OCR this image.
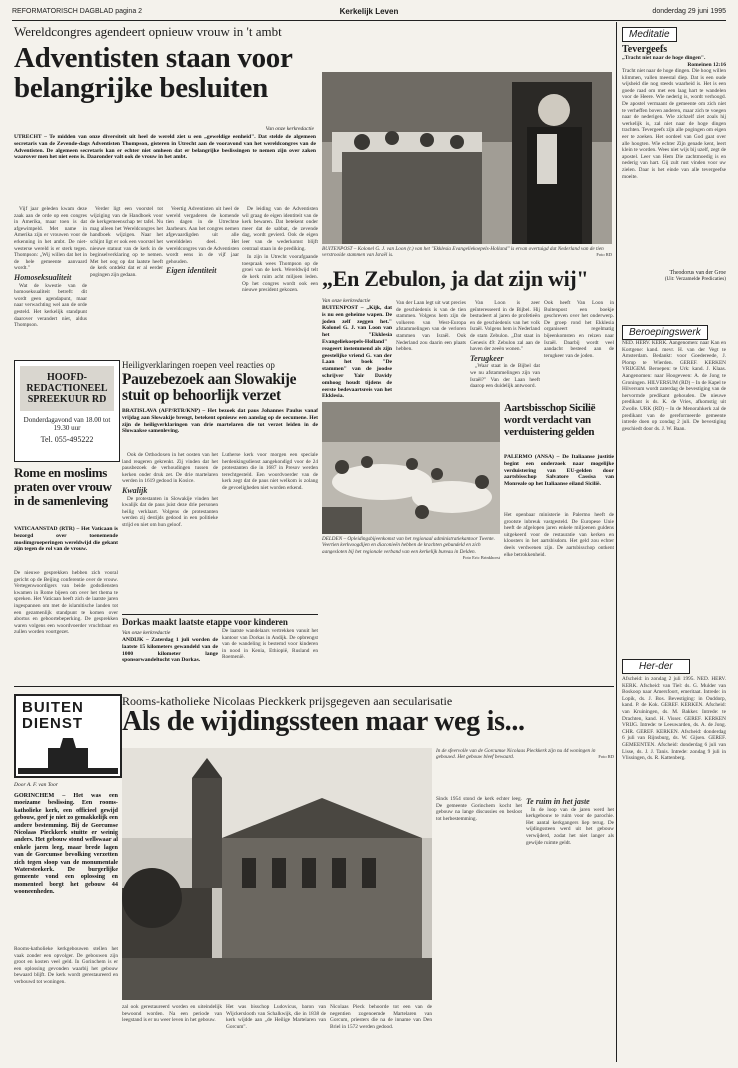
REFORMATORISCH DAGBLAD pagina 2	Kerkelijk Leven	donderdag 29 juni 1995
Wereldcongres agendeert opnieuw vrouw in 't ambt
Adventisten staan voor belangrijke besluiten
Van onze kerkredactie
UTRECHT – Te midden van onze diversiteit uit heel de wereld ziet u een „geweldige eenheid". Dat stelde de algemeen secretaris van de Zevende-dags Adventisten Thompson, gisteren in Utrecht aan de vooravond van het wereldcongres van de Adventisten. De algemeen secretaris kan er echter niet omheen dat er belangrijke beslissingen te nemen zijn over zaken waarover men het niet eens is. Daaronder valt ook de vrouw in het ambt.

Vijf jaar geleden kwam deze zaak aan de orde op een congres in Amerika, maar toen is dat afgewimpeld. Met name in Amerika zijn er vrouwen voor de erkenning in het ambt. De niet-westerse wereld is er sterk tegen. Thompson: „Wij willen dat het in de hele gemeente aanvaard wordt."

Homoseksualiteit

Wat de kwestie van de homoseksualiteit betreft: dit wordt geen agendapunt, maar naar verwachting wel aan de orde gesteld. Het kerkelijk standpunt daarover verandert niet, aldus Thompson.

Verder ligt een voorstel tot wijziging van de Handboek voor de kerkgemeenschap ter tafel. Nu mag alleen het Wereldcongres het handboek wijzigen. Naar het schijnt ligt er ook een voorstel het nieuwe statuut van de kerk in de beginselverklaring op te nemen. Met het oog op dat laatste heeft de kerk ontdekt dat er al eerder pogingen zijn gedaan.

Veertig Adventisten uit heel de wereld vergaderen de komende tien dagen in de Utrechtse Jaarbeurs. Aan het congres nemen afgevaardigden uit alle werelddelen deel. Het wereldcongres van de Adventisten wordt eens in de vijf jaar gehouden.

Eigen identiteit

De leiding van de Adventisten wil graag de eigen identiteit van de kerk bewaren. Dat betekent onder meer dat de sabbat, de zevende dag, wordt gevierd. Ook de eigen leer van de wederkomst blijft centraal staan in de prediking.

In zijn in Utrecht voorafgaande toespraak wees Thompson op de groei van de kerk. Wereldwijd telt de kerk ruim acht miljoen leden. Op het congres wordt ook een nieuwe president gekozen.

BUITENPOST – Kolonel G. J. van Loon (r.) van het "Ekklesia Evangeliekoepels-Holland" is ervan overtuigd dat Nederland van de tien verstrooide stammen van Israël is.	Foto RD
„En Zebulon, ja dat zijn wij"
Van onze kerkredactie
BUITENPOST – „Kijk, dat is nu een geheime wapen. De joden zelf zeggen het." Kolonel G. J. van Loon van het "Ekklesia Evangeliekoepels-Holland" reageert instemmend als zijn geestelijke vriend G. van der Laan het boek "De stammen" van de joodse schrijver Yair Davidy omhoog houdt tijdens de eerste bedevaartsreis van het Ekklesia.
Van der Laan legt uit wat precies de geschiedenis is van de tien stammen. Volgens hem zijn de volkeren van West-Europa afstammelingen van de verloren stammen van Israël. Ook Nederland zou daarin een plaats hebben.

Van Loon is zeer geïnteresseerd in de Bijbel. Hij bestudeert al jaren de profetieën en de geschiedenis van het volk Israël. Volgens hem is Nederland de stam Zebulon. „Dat staat in Genesis 49: Zebulon zal aan de haven der zeeën wonen."

Terugkeer

„Waar staat in de Bijbel dat we nu afstammelingen zijn van Israël?" Van der Laan heeft daarop een duidelijk antwoord.

Ook heeft Van Loon in Buitenpost een boekje geschreven over het onderwerp. De groep rond het Ekklesia organiseert regelmatig bijeenkomsten en reizen naar Israël. Daarbij wordt veel aandacht besteed aan de terugkeer van de joden.
Meditatie
Tevergeefs
„Tracht niet naar de hoge dingen".
Romeinen 12:16
Tracht niet naar de hoge dingen. Die hoog willen klimmen, vallen meestal diep. Dat is een oude wijsheid die nog steeds waarheid is. Het is een goede raad om met een laag hart te wandelen voor de Heere. Wie nederig is, wordt verhoogd. De apostel vermaant de gemeente om zich niet te verheffen boven anderen, maar zich te voegen naar de nederigen. Wie zichzelf ziet zoals hij werkelijk is, zal niet naar de hoge dingen trachten. Tevergeefs zijn alle pogingen om eigen eer te zoeken. Het oordeel van God gaat over alle hoogten. Wie echter Zijn genade kent, leert klein te worden. Wees niet wijs bij uzelf, zegt de apostel. Leer van Hem Die zachtmoedig is en nederig van hart. Gij zult rust vinden voor uw zielen. Daar is het einde van alle tevergeefse moeite.
Theodorus van der Groe
(Uit: Verzamelde Predicaties)
Beroepingswerk
NED. HERV. KERK. Aangenomen: naar Kan en Kortgene: kand. mevr. H. van der Vegt te Amsterdam. Bedankt: voor Goedereede, J. Plomp te Wierden. GEREF. KERKEN VRIJGEM. Beroepen: te Urk: kand. J. Klaas. Aangenomen: naar Hoogeveen: A. de Jong te Groningen. HILVERSUM (RD) – In de Kapel te Hilversum wordt zaterdag de bevestiging van de hervormde predikant gehouden. De nieuwe predikant is ds. K. de Vries, afkomstig uit Zwolle. URK (RD) – In de Menorahkerk zal de predikant van de gereformeerde gemeente intrede doen op zondag 2 juli. De bevestiging geschiedt door ds. J. W. Baan.
Her-der
Afscheid: in zondag 2 juli 1995. NED. HERV. KERK. Afscheid: van Tiel: ds. G. Mulder van Boskoop naar Amersfoort, emeritaat. Intrede: in Lopik, ds. J. Bos. Bevestiging: in Ouddorp, kand. P. de Kok. GEREF. KERKEN. Afscheid: van Kruiningen, ds. M. Bakker. Intrede: te Drachten, kand. H. Visser. GEREF. KERKEN VRIJG. Intrede: te Leeuwarden, ds. A. de Jong. CHR. GEREF. KERKEN. Afscheid: donderdag 6 juli van Rijnsburg, ds. W. Gijsen. GEREF. GEMEENTEN. Afscheid: donderdag 6 juli van Lisse, ds. J. J. Tanis. Intrede: zondag 9 juli in Vlissingen, ds. R. Kattenberg.
HOOFD-REDACTIONEEL SPREEKUUR RD
Donderdagavond van 18.00 tot 19.30 uur
Tel. 055-495222
Rome en moslims praten over vrouw in de samenleving
VATICAANSTAD (RTR) – Het Vaticaan is bezorgd over toenemende moslimgroeperingen wereldwijd die gekant zijn tegen de rol van de vrouw.
De nieuwe gesprekken hebben zich vooral gericht op de Beijing conferentie over de vrouw. Vertegenwoordigers van beide godsdiensten kwamen in Rome bijeen om over het thema te spreken. Het Vaticaan heeft zich de laatste jaren ingespannen om met de islamitische landen tot een gezamenlijk standpunt te komen over abortus en geboortebeperking. De gesprekken waren volgens een woordvoerder vruchtbaar en zullen worden voortgezet.
Heiligverklaringen roepen veel reacties op
Pauzebezoek aan Slowakije stuit op behoorlijk verzet
BRATISLAVA (AFP/RTR/KNP) – Het bezoek dat paus Johannes Paulus vanaf vrijdag aan Slowakije brengt, betekent opnieuw een aanslag op de oecumene. Het zijn de heiligverklaringen van drie martelaren die tot verzet leiden in de Slowaakse samenleving.

Ook de Orthodoxen in het oosten van het land reageren gekrenkt. Zij vinden dat het pausbezoek de verhoudingen tussen de kerken onder druk zet. De drie martelaren werden in 1619 gedood in Kosice.

Kwalijk

De protestanten in Slowakije vinden het kwalijk dat de paus juist deze drie personen heilig verklaart. Volgens de protestanten werden zij destijds gedood in een politieke strijd en niet om hun geloof.

Lutherse kerk voor morgen een speciale herdenkingsdienst aangekondigd voor de 24 protestanten die in 1687 in Presov werden terechtgesteld. Een woordvoerder van de kerk zegt dat de paus niet welkom is zolang de gevoeligheden niet worden erkend.
Dorkas maakt laatste etappe voor kinderen
Van onze kerkredactie
ANDIJK – Zaterdag 1 juli worden de laatste 15 kilometers gewandeld van de 1000 kilometer lange sponsorwandeltocht van Dorkas.
De laatste wandelaars vertrekken vanuit het kantoor van Dorkas in Andijk. De opbrengst van de wandeling is bestemd voor kinderen in nood in Kenia, Ethiopië, Rusland en Roemenië.
DELDEN – Opleidingsbijeenkomst van het regionaal administratiekantoor Twente. Veertien kerkvoogdijen en diaconieën hebben de krachten gebundeld en zich aangesloten bij het regionale verband van een kerkelijk bureau in Delden.
Foto Eric Brinkhorst
Aartsbisschop Sicilië wordt verdacht van verduistering gelden
PALERMO (ANSA) – De Italiaanse justitie begint een onderzoek naar mogelijke verduistering van EU-gelden door aartsbisschop Salvatore Cassisa van Monreale op het Italiaanse eiland Sicilië.
Het openbaar ministerie in Palermo heeft de grootste inbreuk vastgesteld. De Europese Unie heeft de afgelopen jaren enkele miljoenen guldens uitgekeerd voor de restauratie van kerken en kloosters in het aartsbisdom. Het geld zou echter deels verdwenen zijn. De aartsbisschop ontkent elke betrokkenheid.
BUITEN DIENST
Rooms-katholieke Nicolaas Pieckkerk prijsgegeven aan secularisatie
Als de wijdingssteen maar weg is...
Door A. F. van Toor
GORINCHEM – Het was een moeizame beslissing. Een rooms-katholieke kerk, een officieel gewijd gebouw, geef je niet zo gemakkelijk een andere bestemming. Bij de Gorcumse Nicolaas Pieckkerk stuitte er weinig anders. Het gebouw stond wellswaar al enkele jaren leeg, maar brede lagen van de Gorcumse bevolking verzetten zich tegen sloop van de monumentale Watersteekerk. De burgerlijke gemeente vond een oplossing en momenteel borgt het gebouw 44 wooneenheden.
Rooms-katholieke kerkgebouwen stellen het vaak zonder een opvolger. De gebouwen zijn groot en kosten veel geld. In Gorinchem is er een oplossing gevonden waarbij het gebouw bewaard blijft. De kerk wordt gerestaureerd en verbouwd tot woningen.
In de sfeervolle van de Gorcumse Nicolaas Pieckkerk zijn nu 44 woningen in gebouwd. Het gebouw bleef bewaard.	Foto RD
Sinds 1954 stond de kerk echter leeg. De gemeente Gorinchem kocht het gebouw na lange discussies en besloot tot herbestemming.
Te ruim in het jaste

In de loop van de jaren werd het kerkgebouw te ruim voor de parochie. Het aantal kerkgangers liep terug. De wijdingssteen werd uit het gebouw verwijderd, zodat het niet langer als gewijde ruimte geldt.

zal ook gerestaureerd worden en uiteindelijk bewoond worden. Na een periode van leegstand is er nu weer leven in het gebouw.
Het was bisschop Ludovicus, baron van Wijckerslooth van Schalkwijk, die in 1838 de kerk wijdde aan „de Heilige Martelaren van Gorcum".
Nicolaas Pieck behoorde tot een van de negentien zogenoemde Martelaren van Gorcum, priesters die na de inname van Den Briel in 1572 werden gedood.
